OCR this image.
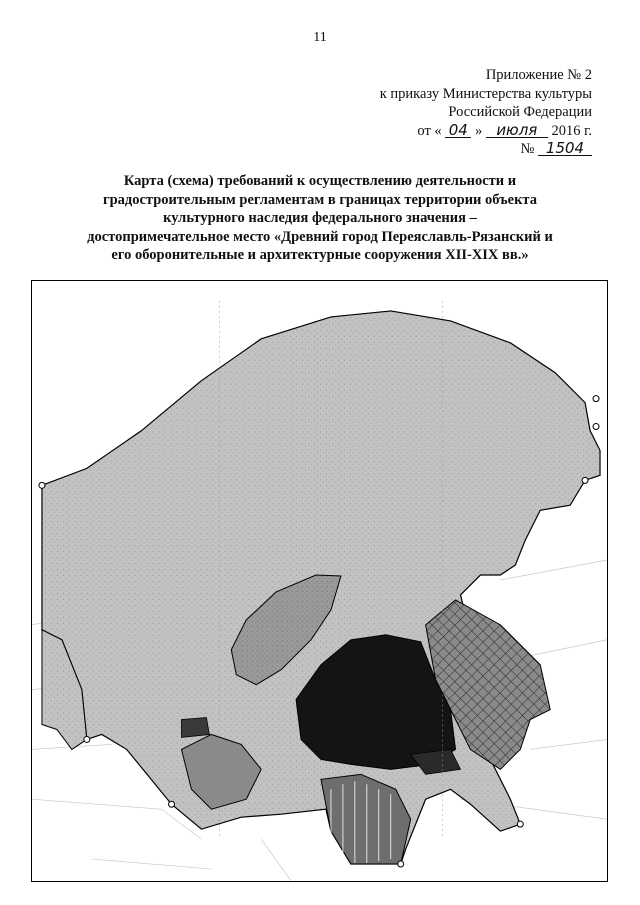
11
Приложение № 2
к приказу Министерства культуры
Российской Федерации
от « 04 » июля 2016 г.
№ 1504
Карта (схема) требований к осуществлению деятельности и
градостроительным регламентам в границах территории объекта
культурного наследия федерального значения –
достопримечательное место «Древний город Переяславль-Рязанский и
его оборонительные и архитектурные сооружения XII-XIX вв.»
